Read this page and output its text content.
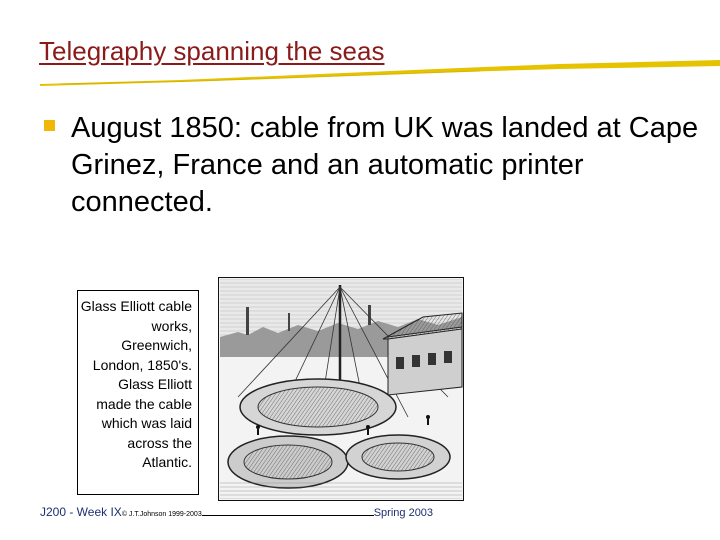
Telegraphy spanning the seas
August 1850: cable from UK was landed at Cape Grinez, France and an automatic printer connected.
Glass Elliott cable works, Greenwich, London, 1850's. Glass Elliott made the cable which was laid across the Atlantic.
J200 - Week IX© J.T.Johnson 1999-2003	Spring 2003
